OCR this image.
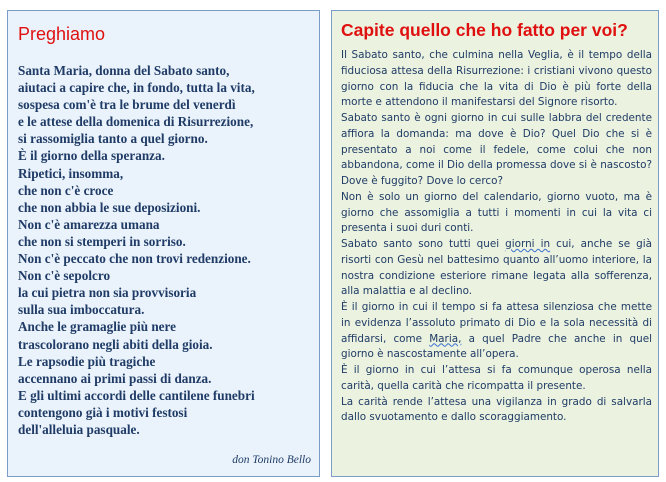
Preghiamo
Santa Maria, donna del Sabato santo,
aiutaci a capire che, in fondo, tutta la vita,
sospesa com'è tra le brume del venerdì
e le attese della domenica di Risurrezione,
si rassomiglia tanto a quel giorno.
È il giorno della speranza.
Ripetici, insomma,
che non c'è croce
che non abbia le sue deposizioni.
Non c'è amarezza umana
che non si stemperi in sorriso.
Non c'è peccato che non trovi redenzione.
Non c'è sepolcro
la cui pietra non sia provvisoria
sulla sua imboccatura.
Anche le gramaglie più nere
trascolorano negli abiti della gioia.
Le rapsodie più tragiche
accennano ai primi passi di danza.
E gli ultimi accordi delle cantilene funebri
contengono già i motivi festosi
dell'alleluia pasquale.
don Tonino Bello
Capite quello che ho fatto per voi?

Il Sabato santo, che culmina nella Veglia, è il tempo della fiduciosa attesa della Risurrezione: i cristiani vivono questo giorno con la fiducia che la vita di Dio è più forte della morte e attendono il manifestarsi del Signore risorto.

Sabato santo è ogni giorno in cui sulle labbra del credente affiora la domanda: ma dove è Dio? Quel Dio che si è presentato a noi come il fedele, come colui che non abbandona, come il Dio della promessa dove si è nascosto? Dove è fuggito? Dove lo cerco?

Non è solo un giorno del calendario, giorno vuoto, ma è giorno che assomiglia a tutti i momenti in cui la vita ci presenta i suoi duri conti.

Sabato santo sono tutti quei giorni in cui, anche se già risorti con Gesù nel battesimo quanto all’uomo interiore, la nostra condizione esteriore rimane legata alla sofferenza, alla malattia e al declino.

È il giorno in cui il tempo si fa attesa silenziosa che mette in evidenza l’assoluto primato di Dio e la sola necessità di affidarsi, come Maria, a quel Padre che anche in quel giorno è nascostamente all’opera.

È il giorno in cui l’attesa si fa comunque operosa nella carità, quella carità che ricompatta il presente.

La carità rende l’attesa una vigilanza in grado di salvarla dallo svuotamento e dallo scoraggiamento.
